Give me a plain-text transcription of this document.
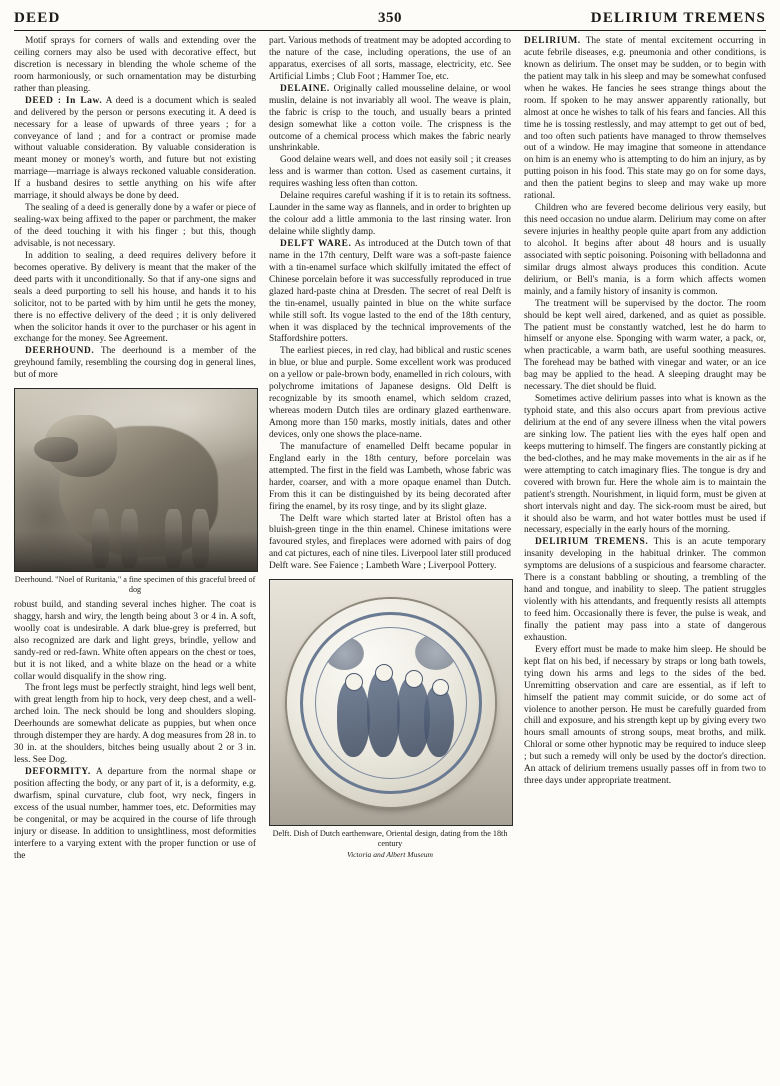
DEED	350	DELIRIUM TREMENS

Motif sprays for corners of walls and extending over the ceiling corners may also be used with decorative effect, but discretion is necessary in blending the whole scheme of the room harmoniously, or such ornamentation may be disturbing rather than pleasing.

DEED : In Law. A deed is a document which is sealed and delivered by the person or persons executing it. A deed is necessary for a lease of upwards of three years ; for a conveyance of land ; and for a contract or promise made without valuable consideration. By valuable consideration is meant money or money's worth, and future but not existing marriage—marriage is always reckoned valuable consideration. If a husband desires to settle anything on his wife after marriage, it should always be done by deed.

The sealing of a deed is generally done by a wafer or piece of sealing-wax being affixed to the paper or parchment, the maker of the deed touching it with his finger ; but this, though advisable, is not necessary.

In addition to sealing, a deed requires delivery before it becomes operative. By delivery is meant that the maker of the deed parts with it unconditionally. So that if any-one signs and seals a deed purporting to sell his house, and hands it to his solicitor, not to be parted with by him until he gets the money, there is no effective delivery of the deed ; it is only delivered when the solicitor hands it over to the purchaser or his agent in exchange for the money. See Agreement.

DEERHOUND. The deerhound is a member of the greyhound family, resembling the coursing dog in general lines, but of more

Deerhound. "Noel of Ruritania," a fine specimen of this graceful breed of dog

robust build, and standing several inches higher. The coat is shaggy, harsh and wiry, the length being about 3 or 4 in. A soft, woolly coat is undesirable. A dark blue-grey is preferred, but also recognized are dark and light greys, brindle, yellow and sandy-red or red-fawn. White often appears on the chest or toes, but it is not liked, and a white blaze on the head or a white collar would disqualify in the show ring.

The front legs must be perfectly straight, hind legs well bent, with great length from hip to hock, very deep chest, and a well-arched loin. The neck should be long and shoulders sloping. Deerhounds are somewhat delicate as puppies, but when once through distemper they are hardy. A dog measures from 28 in. to 30 in. at the shoulders, bitches being usually about 2 or 3 in. less. See Dog.

DEFORMITY. A departure from the normal shape or position affecting the body, or any part of it, is a deformity, e.g. dwarfism, spinal curvature, club foot, wry neck, fingers in excess of the usual number, hammer toes, etc. Deformities may be congenital, or may be acquired in the course of life through injury or disease. In addition to unsightliness, most deformities interfere to a varying extent with the proper function or use of the

part. Various methods of treatment may be adopted according to the nature of the case, including operations, the use of an apparatus, exercises of all sorts, massage, electricity, etc. See Artificial Limbs ; Club Foot ; Hammer Toe, etc.

DELAINE. Originally called mousseline delaine, or wool muslin, delaine is not invariably all wool. The weave is plain, the fabric is crisp to the touch, and usually bears a printed design somewhat like a cotton voile. The crispness is the outcome of a chemical process which makes the fabric nearly unshrinkable.

Good delaine wears well, and does not easily soil ; it creases less and is warmer than cotton. Used as casement curtains, it requires washing less often than cotton.

Delaine requires careful washing if it is to retain its softness. Launder in the same way as flannels, and in order to brighten up the colour add a little ammonia to the last rinsing water. Iron delaine while slightly damp.

DELFT WARE. As introduced at the Dutch town of that name in the 17th century, Delft ware was a soft-paste faience with a tin-enamel surface which skilfully imitated the effect of Chinese porcelain before it was successfully reproduced in true glazed hard-paste china at Dresden. The secret of real Delft is the tin-enamel, usually painted in blue on the white surface while still soft. Its vogue lasted to the end of the 18th century, when it was displaced by the technical improvements of the Staffordshire potters.

The earliest pieces, in red clay, had biblical and rustic scenes in blue, or blue and purple. Some excellent work was produced on a yellow or pale-brown body, enamelled in rich colours, with polychrome imitations of Japanese designs. Old Delft is recognizable by its smooth enamel, which seldom crazed, whereas modern Dutch tiles are ordinary glazed earthenware. Among more than 150 marks, mostly initials, dates and other devices, only one shows the place-name.

The manufacture of enamelled Delft became popular in England early in the 18th century, before porcelain was attempted. The first in the field was Lambeth, whose fabric was harder, coarser, and with a more opaque enamel than Dutch. From this it can be distinguished by its being decorated after firing the enamel, by its rosy tinge, and by its slight glaze.

The Delft ware which started later at Bristol often has a bluish-green tinge in the thin enamel. Chinese imitations were favoured styles, and fireplaces were adorned with pairs of dog and cat pictures, each of nine tiles. Liverpool later still produced Delft ware. See Faience ; Lambeth Ware ; Liverpool Pottery.

Delft. Dish of Dutch earthenware, Oriental design, dating from the 18th century
Victoria and Albert Museum

DELIRIUM. The state of mental excitement occurring in acute febrile diseases, e.g. pneumonia and other conditions, is known as delirium. The onset may be sudden, or to begin with the patient may talk in his sleep and may be somewhat confused when he wakes. He fancies he sees strange things about the room. If spoken to he may answer apparently rationally, but almost at once he wishes to talk of his fears and fancies. All this time he is tossing restlessly, and may attempt to get out of bed, and too often such patients have managed to throw themselves out of a window. He may imagine that someone in attendance on him is an enemy who is attempting to do him an injury, as by putting poison in his food. This state may go on for some days, and then the patient begins to sleep and may wake up more rational.

Children who are fevered become delirious very easily, but this need occasion no undue alarm. Delirium may come on after severe injuries in healthy people quite apart from any addiction to alcohol. It begins after about 48 hours and is usually associated with septic poisoning. Poisoning with belladonna and similar drugs almost always produces this condition. Acute delirium, or Bell's mania, is a form which affects women mainly, and a family history of insanity is common.

The treatment will be supervised by the doctor. The room should be kept well aired, darkened, and as quiet as possible. The patient must be constantly watched, lest he do harm to himself or anyone else. Sponging with warm water, a pack, or, when practicable, a warm bath, are useful soothing measures. The forehead may be bathed with vinegar and water, or an ice bag may be applied to the head. A sleeping draught may be necessary. The diet should be fluid.

Sometimes active delirium passes into what is known as the typhoid state, and this also occurs apart from previous active delirium at the end of any severe illness when the vital powers are sinking low. The patient lies with the eyes half open and keeps muttering to himself. The fingers are constantly picking at the bed-clothes, and he may make movements in the air as if he were attempting to catch imaginary flies. The tongue is dry and covered with brown fur. Here the whole aim is to maintain the patient's strength. Nourishment, in liquid form, must be given at short intervals night and day. The sick-room must be aired, but it should also be warm, and hot water bottles must be used if necessary, especially in the early hours of the morning.

DELIRIUM TREMENS. This is an acute temporary insanity developing in the habitual drinker. The common symptoms are delusions of a suspicious and fearsome character. There is a constant babbling or shouting, a trembling of the hand and tongue, and inability to sleep. The patient struggles violently with his attendants, and frequently resists all attempts to feed him. Occasionally there is fever, the pulse is weak, and finally the patient may pass into a state of dangerous exhaustion.

Every effort must be made to make him sleep. He should be kept flat on his bed, if necessary by straps or long bath towels, tying down his arms and legs to the sides of the bed. Unremitting observation and care are essential, as if left to himself the patient may commit suicide, or do some act of violence to another person. He must be carefully guarded from chill and exposure, and his strength kept up by giving every two hours small amounts of strong soups, meat broths, and milk. Chloral or some other hypnotic may be required to induce sleep ; but such a remedy will only be used by the doctor's direction. An attack of delirium tremens usually passes off in from two to three days under appropriate treatment.
